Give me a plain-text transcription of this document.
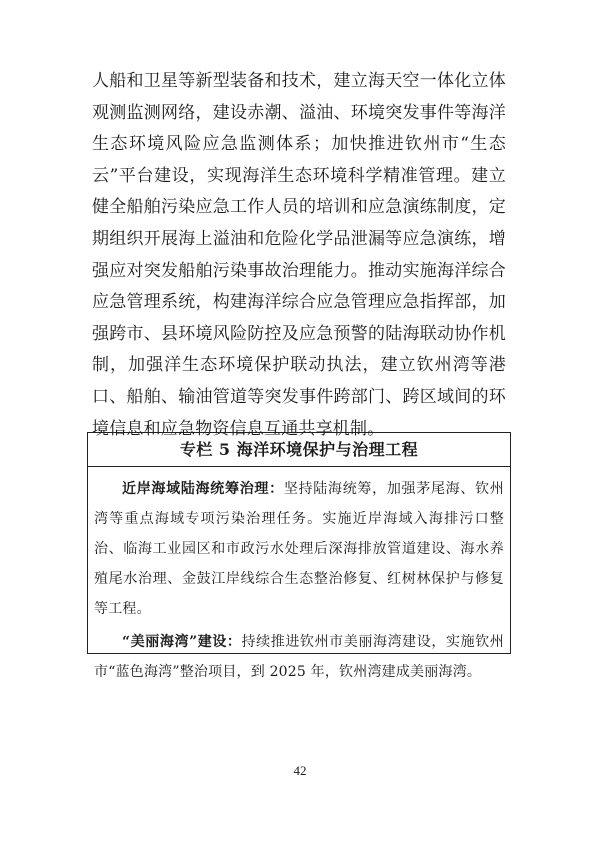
人船和卫星等新型装备和技术，建立海天空一体化立体观测监测网络，建设赤潮、溢油、环境突发事件等海洋生态环境风险应急监测体系；加快推进钦州市“生态云”平台建设，实现海洋生态环境科学精准管理。建立健全船舶污染应急工作人员的培训和应急演练制度，定期组织开展海上溢油和危险化学品泄漏等应急演练，增强应对突发船舶污染事故治理能力。推动实施海洋综合应急管理系统，构建海洋综合应急管理应急指挥部，加强跨市、县环境风险防控及应急预警的陆海联动协作机制，加强洋生态环境保护联动执法，建立钦州湾等港口、船舶、输油管道等突发事件跨部门、跨区域间的环境信息和应急物资信息互通共享机制。
专栏 5 海洋环境保护与治理工程

近岸海域陆海统筹治理：坚持陆海统筹，加强茅尾海、钦州湾等重点海域专项污染治理任务。实施近岸海域入海排污口整治、临海工业园区和市政污水处理后深海排放管道建设、海水养殖尾水治理、金鼓江岸线综合生态整治修复、红树林保护与修复等工程。

“美丽海湾”建设：持续推进钦州市美丽海湾建设，实施钦州市“蓝色海湾”整治项目，到 2025 年，钦州湾建成美丽海湾。

42
